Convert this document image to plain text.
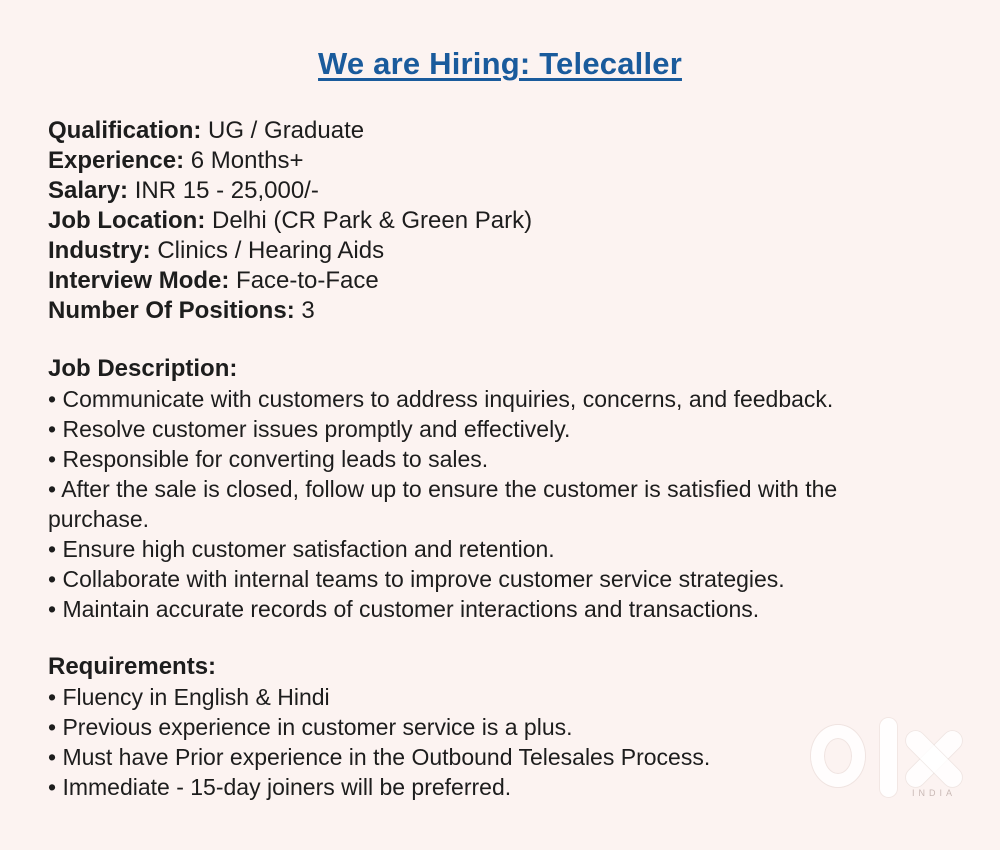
We are Hiring: Telecaller
Qualification: UG / Graduate
Experience: 6 Months+
Salary: INR 15 - 25,000/-
Job Location: Delhi (CR Park & Green Park)
Industry: Clinics / Hearing Aids
Interview Mode: Face-to-Face
Number Of Positions: 3
Job Description:
• Communicate with customers to address inquiries, concerns, and feedback.
• Resolve customer issues promptly and effectively.
• Responsible for converting leads to sales.
• After the sale is closed, follow up to ensure the customer is satisfied with the purchase.
• Ensure high customer satisfaction and retention.
• Collaborate with internal teams to improve customer service strategies.
• Maintain accurate records of customer interactions and transactions.
Requirements:
• Fluency in English & Hindi
• Previous experience in customer service is a plus.
• Must have Prior experience in the Outbound Telesales Process.
• Immediate - 15-day joiners will be preferred.	INDIA
